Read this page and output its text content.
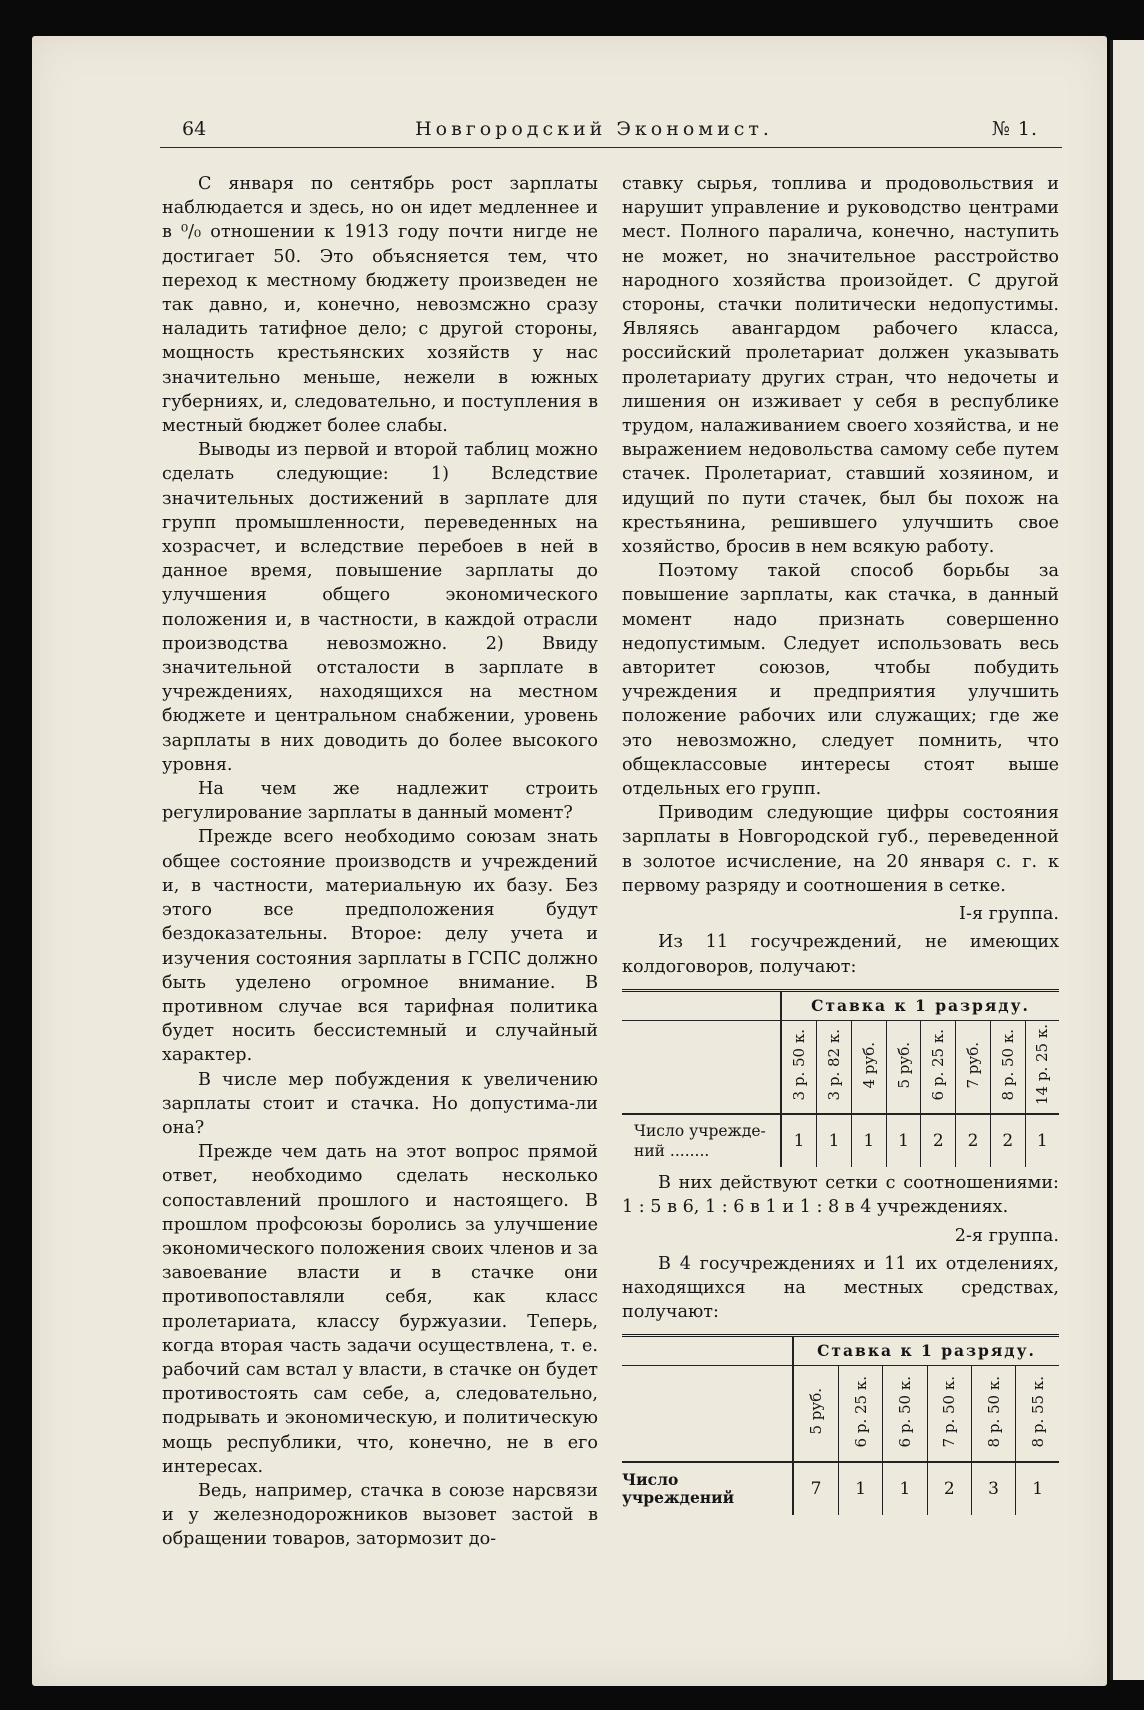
64	Новгородский Экономист.	№ 1.

С января по сентябрь рост зарплаты наблюдается и здесь, но он идет медленнее и в ⁰/₀ отношении к 1913 году почти нигде не достигает 50. Это объясняется тем, что переход к местному бюджету произведен не так давно, и, конечно, невозмсжно сразу наладить татифное дело; с другой стороны, мощность крестьянских хозяйств у нас значительно меньше, нежели в южных губерниях, и, следовательно, и поступления в местный бюджет более слабы.

Выводы из первой и второй таблиц можно сделать следующие: 1) Вследствие значительных достижений в зарплате для групп промышленности, переведенных на хозрасчет, и вследствие перебоев в ней в данное время, повышение зарплаты до улучшения общего экономического положения и, в частности, в каждой отрасли производства невозможно. 2) Ввиду значительной отсталости в зарплате в учреждениях, находящихся на местном бюджете и центральном снабжении, уровень зарплаты в них доводить до более высокого уровня.

На чем же надлежит строить регулирование зарплаты в данный момент?

Прежде всего необходимо союзам знать общее состояние производств и учреждений и, в частности, материальную их базу. Без этого все предположения будут бездоказательны. Второе: делу учета и изучения состояния зарплаты в ГСПС должно быть уделено огромное внимание. В противном случае вся тарифная политика будет носить бессистемный и случайный характер.

В числе мер побуждения к увеличению зарплаты стоит и стачка. Но допустима-ли она?

Прежде чем дать на этот вопрос прямой ответ, необходимо сделать несколько сопоставлений прошлого и настоящего. В прошлом профсоюзы боролись за улучшение экономического положения своих членов и за завоевание власти и в стачке они противопоставляли себя, как класс пролетариата, классу буржуазии. Теперь, когда вторая часть задачи осуществлена, т. е. рабочий сам встал у власти, в стачке он будет противостоять сам себе, а, следовательно, подрывать и экономическую, и политическую мощь республики, что, конечно, не в его интересах.

Ведь, например, стачка в союзе нарсвязи и у железнодорожников вызовет застой в обращении товаров, затормозит до-

ставку сырья, топлива и продовольствия и нарушит управление и руководство центрами мест. Полного паралича, конечно, наступить не может, но значительное расстройство народного хозяйства произойдет. С другой стороны, стачки политически недопустимы. Являясь авангардом рабочего класса, российский пролетариат должен указывать пролетариату других стран, что недочеты и лишения он изживает у себя в республике трудом, налаживанием своего хозяйства, и не выражением недовольства самому себе путем стачек. Пролетариат, ставший хозяином, и идущий по пути стачек, был бы похож на крестьянина, решившего улучшить свое хозяйство, бросив в нем всякую работу.

Поэтому такой способ борьбы за повышение зарплаты, как стачка, в данный момент надо признать совершенно недопустимым. Следует использовать весь авторитет союзов, чтобы побудить учреждения и предприятия улучшить положение рабочих или служащих; где же это невозможно, следует помнить, что общеклассовые интересы стоят выше отдельных его групп.

Приводим следующие цифры состояния зарплаты в Новгородской губ., переведенной в золотое исчисление, на 20 января с. г. к первому разряду и соотношения в сетке.

I-я группа.

Из 11 госучреждений, не имеющих колдоговоров, получают:

	Ставка к 1 разряду.							
	3 р. 50 к.	3 р. 82 к.	4 руб.	5 руб.	6 р. 25 к.	7 руб.	8 р. 50 к.	14 р. 25 к.
Число учрежде- ний ........	1	1	1	1	2	2	2	1

В них действуют сетки с соотношениями: 1 : 5 в 6, 1 : 6 в 1 и 1 : 8 в 4 учреждениях.

2-я группа.

В 4 госучреждениях и 11 их отделениях, находящихся на местных средствах, получают:

	Ставка к 1 разряду.					
	5 руб.	6 р. 25 к.	6 р. 50 к.	7 р. 50 к.	8 р. 50 к.	8 р. 55 к.
Число учреждений	7	1	1	2	3	1
